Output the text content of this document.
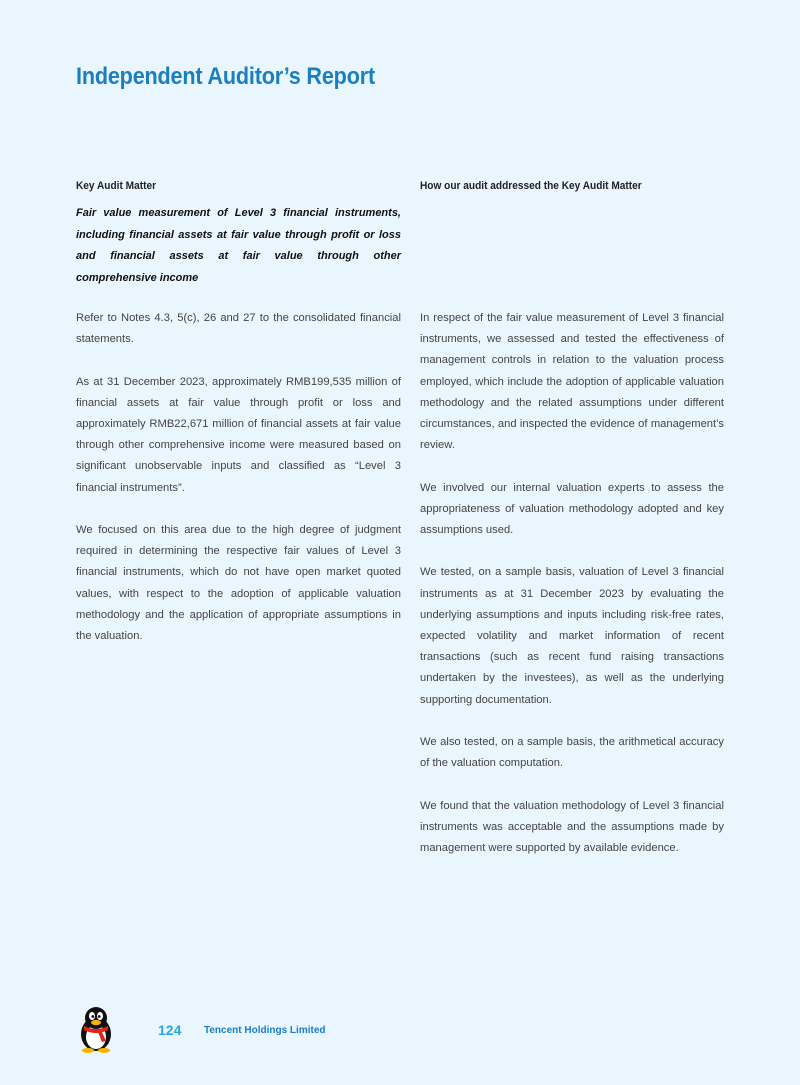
Independent Auditor’s Report
Key Audit Matter
Fair value measurement of Level 3 financial instruments, including financial assets at fair value through profit or loss and financial assets at fair value through other comprehensive income

Refer to Notes 4.3, 5(c), 26 and 27 to the consolidated financial statements.

As at 31 December 2023, approximately RMB199,535 million of financial assets at fair value through profit or loss and approximately RMB22,671 million of financial assets at fair value through other comprehensive income were measured based on significant unobservable inputs and classified as “Level 3 financial instruments”.

We focused on this area due to the high degree of judgment required in determining the respective fair values of Level 3 financial instruments, which do not have open market quoted values, with respect to the adoption of applicable valuation methodology and the application of appropriate assumptions in the valuation.

How our audit addressed the Key Audit Matter

In respect of the fair value measurement of Level 3 financial instruments, we assessed and tested the effectiveness of management controls in relation to the valuation process employed, which include the adoption of applicable valuation methodology and the related assumptions under different circumstances, and inspected the evidence of management’s review.

We involved our internal valuation experts to assess the appropriateness of valuation methodology adopted and key assumptions used.

We tested, on a sample basis, valuation of Level 3 financial instruments as at 31 December 2023 by evaluating the underlying assumptions and inputs including risk-free rates, expected volatility and market information of recent transactions (such as recent fund raising transactions undertaken by the investees), as well as the underlying supporting documentation.

We also tested, on a sample basis, the arithmetical accuracy of the valuation computation.

We found that the valuation methodology of Level 3 financial instruments was acceptable and the assumptions made by management were supported by available evidence.

124 Tencent Holdings Limited
